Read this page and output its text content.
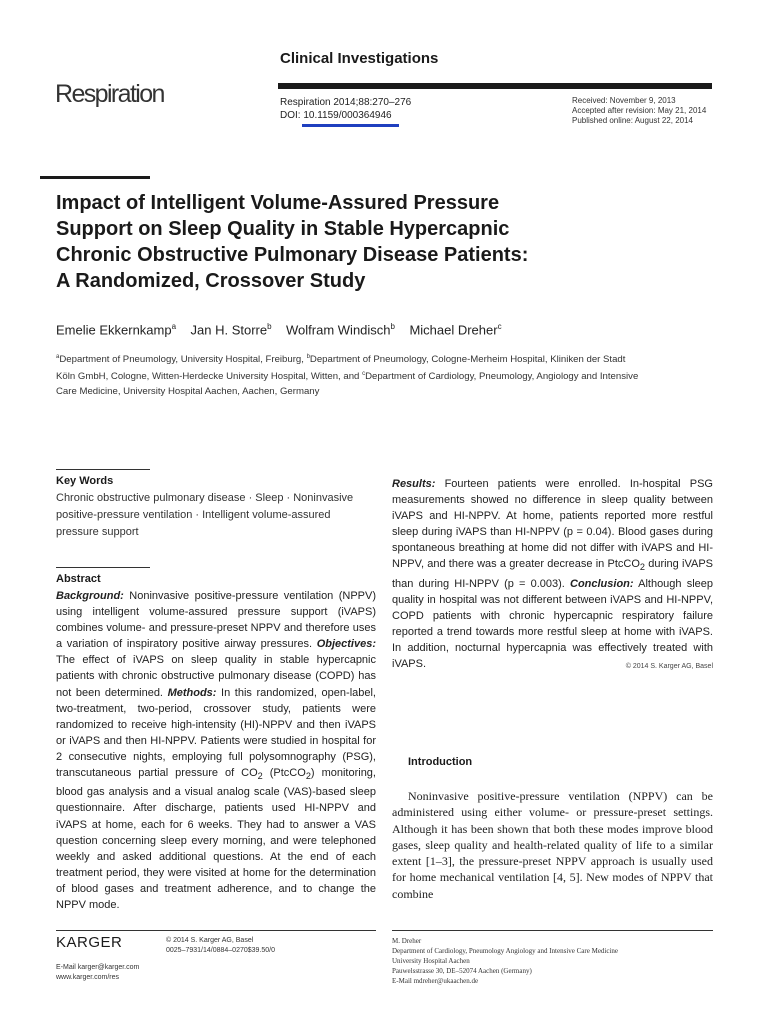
Clinical Investigations
Respiration	Respiration 2014;88:270–276
DOI: 10.1159/000364946
Received: November 9, 2013
Accepted after revision: May 21, 2014
Published online: August 22, 2014
Impact of Intelligent Volume-Assured Pressure
Support on Sleep Quality in Stable Hypercapnic
Chronic Obstructive Pulmonary Disease Patients:
A Randomized, Crossover Study
Emelie Ekkernkamp$^a$ Jan H. Storre$^b$ Wolfram Windisch$^b$ Michael Dreher$^c$
$^a$Department of Pneumology, University Hospital, Freiburg, $^b$Department of Pneumology, Cologne-Merheim Hospital, Kliniken der Stadt Köln GmbH, Cologne, Witten-Herdecke University Hospital, Witten, and $^c$Department of Cardiology, Pneumology, Angiology and Intensive Care Medicine, University Hospital Aachen, Aachen, Germany
Key Words
Chronic obstructive pulmonary disease · Sleep · Noninvasive positive-pressure ventilation · Intelligent volume-assured pressure support
Abstract
Background: Noninvasive positive-pressure ventilation (NPPV) using intelligent volume-assured pressure support (iVAPS) combines volume- and pressure-preset NPPV and therefore uses a variation of inspiratory positive airway pressures. Objectives: The effect of iVAPS on sleep quality in stable hypercapnic patients with chronic obstructive pulmonary disease (COPD) has not been determined. Methods: In this randomized, open-label, two-treatment, two-period, crossover study, patients were randomized to receive high-intensity (HI)-NPPV and then iVAPS or iVAPS and then HI-NPPV. Patients were studied in hospital for 2 consecutive nights, employing full polysomnography (PSG), transcutaneous partial pressure of $CO_2$ (PtcCO$_2$) monitoring, blood gas analysis and a visual analog scale (VAS)-based sleep questionnaire. After discharge, patients used HI-NPPV and iVAPS at home, each for 6 weeks. They had to answer a VAS question concerning sleep every morning, and were telephoned weekly and asked additional questions. At the end of each treatment period, they were visited at home for the determination of blood gases and treatment adherence, and to change the NPPV mode.
Results: Fourteen patients were enrolled. In-hospital PSG measurements showed no difference in sleep quality between iVAPS and HI-NPPV. At home, patients reported more restful sleep during iVAPS than HI-NPPV (p = 0.04). Blood gases during spontaneous breathing at home did not differ with iVAPS and HI-NPPV, and there was a greater decrease in PtcCO$_2$ during iVAPS than during HI-NPPV (p = 0.003). Conclusion: Although sleep quality in hospital was not different between iVAPS and HI-NPPV, COPD patients with chronic hypercapnic respiratory failure reported a trend towards more restful sleep at home with iVAPS. In addition, nocturnal hypercapnia was effectively treated with iVAPS.	© 2014 S. Karger AG, Basel
Introduction
Noninvasive positive-pressure ventilation (NPPV) can be administered using either volume- or pressure-preset settings. Although it has been shown that both these modes improve blood gases, sleep quality and health-related quality of life to a similar extent [1–3], the pressure-preset NPPV approach is usually used for home mechanical ventilation [4, 5]. New modes of NPPV that combine
KARGER
E-Mail karger@karger.com
www.karger.com/res
© 2014 S. Karger AG, Basel
0025–7931/14/0884–0270$39.50/0
M. Dreher
Department of Cardiology, Pneumology Angiology and Intensive Care Medicine
University Hospital Aachen
Pauwelsstrasse 30, DE–52074 Aachen (Germany)
E-Mail mdreher@ukaachen.de
